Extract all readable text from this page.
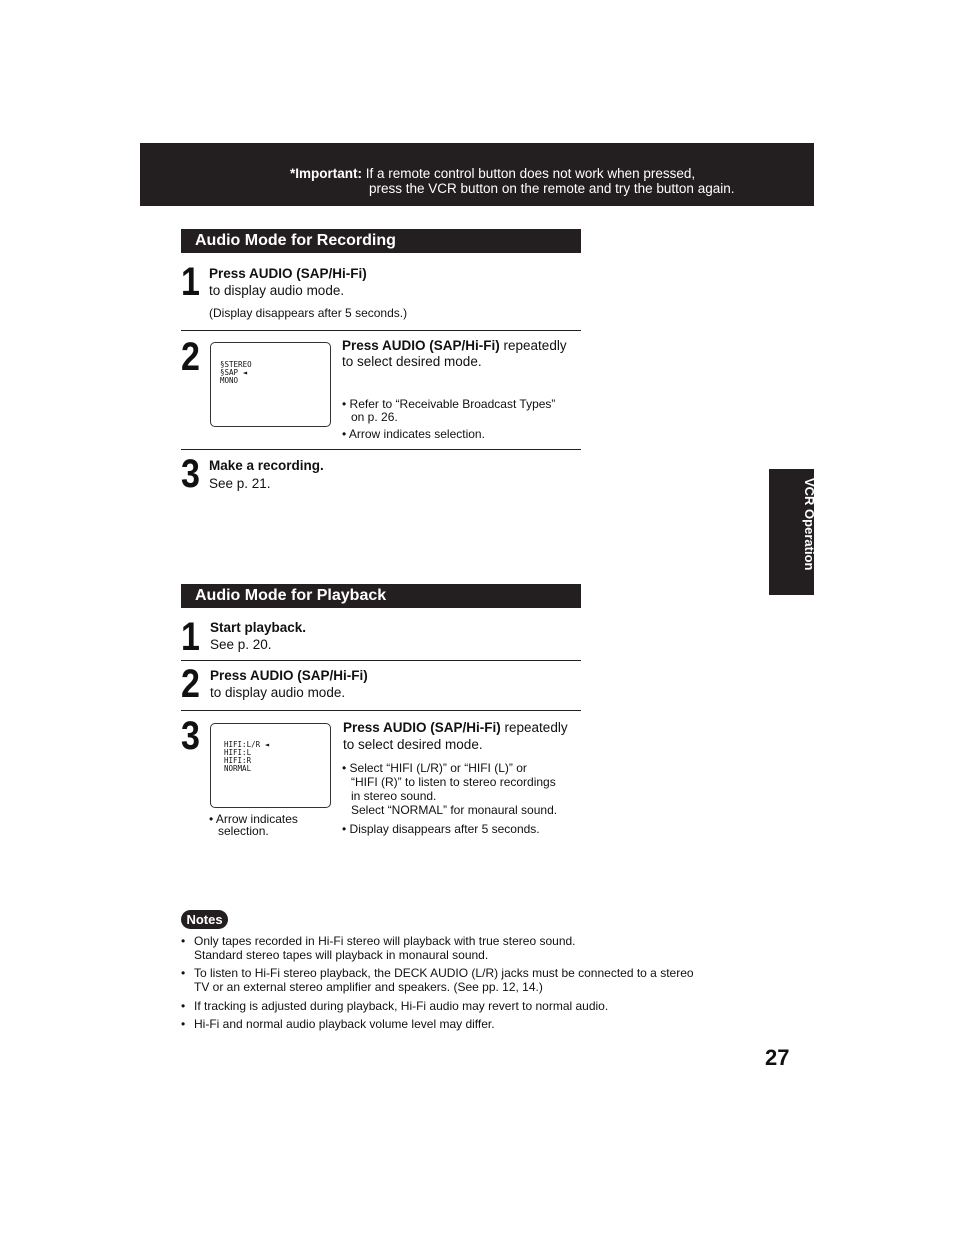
*Important: If a remote control button does not work when pressed,
press the VCR button on the remote and try the button again.
Audio Mode for Recording
1 Press AUDIO (SAP/Hi-Fi)
to display audio mode.
(Display disappears after 5 seconds.)
2	§STEREO
§SAP ◄
MONO
Press AUDIO (SAP/Hi-Fi) repeatedly
to select desired mode.
• Refer to “Receivable Broadcast Types”
on p. 26.
• Arrow indicates selection.
3 Make a recording.
See p. 21.
Audio Mode for Playback
1 Start playback.
See p. 20.
2 Press AUDIO (SAP/Hi-Fi)
to display audio mode.
3	HIFI:L/R ◄
HIFI:L
HIFI:R
NORMAL
• Arrow indicates
selection.
Press AUDIO (SAP/Hi-Fi) repeatedly
to select desired mode.
• Select “HIFI (L/R)” or “HIFI (L)” or
“HIFI (R)” to listen to stereo recordings
in stereo sound.
Select “NORMAL” for monaural sound.
• Display disappears after 5 seconds.
VCR Operation
Notes
• Only tapes recorded in Hi-Fi stereo will playback with true stereo sound.
Standard stereo tapes will playback in monaural sound.
• To listen to Hi-Fi stereo playback, the DECK AUDIO (L/R) jacks must be connected to a stereo
TV or an external stereo amplifier and speakers. (See pp. 12, 14.)
• If tracking is adjusted during playback, Hi-Fi audio may revert to normal audio.
• Hi-Fi and normal audio playback volume level may differ.
27
